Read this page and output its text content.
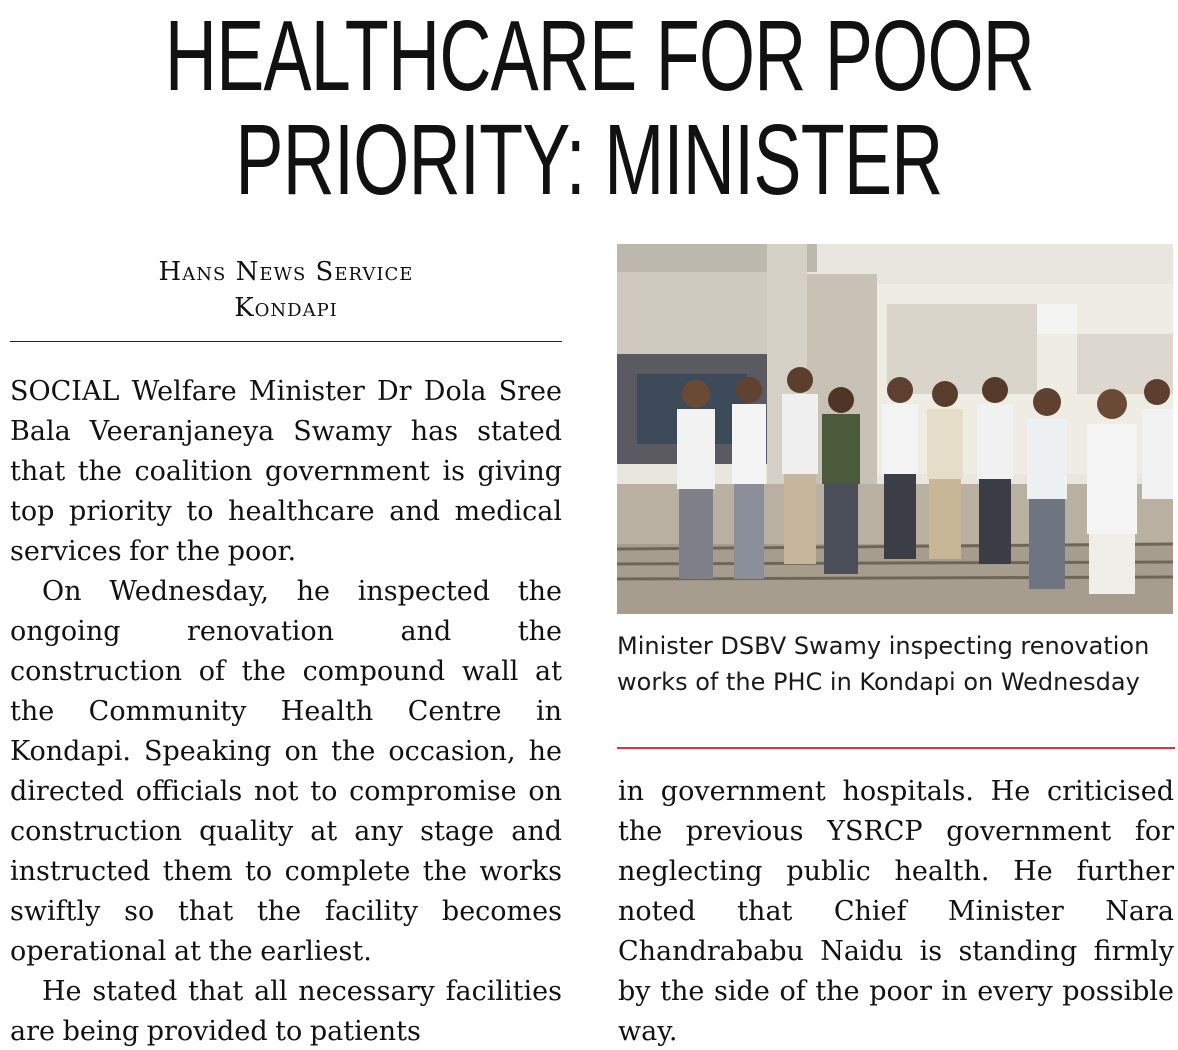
HEALTHCARE FOR POOR
PRIORITY: MINISTER
Hans News Service
Kondapi

SOCIAL Welfare Minister Dr Dola Sree Bala Veeranjaneya Swamy has stated that the coalition government is giving top priority to healthcare and medical services for the poor.

On Wednesday, he inspected the ongoing renovation and the construction of the compound wall at the Community Health Centre in Kondapi. Speaking on the occasion, he directed officials not to compromise on construction quality at any stage and instructed them to complete the works swiftly so that the facility becomes operational at the earliest.

He stated that all necessary facilities are being provided to patients

Minister DSBV Swamy inspecting renovation works of the PHC in Kondapi on Wednesday

in government hospitals. He criticised the previous YSRCP government for neglecting public health. He further noted that Chief Minister Nara Chandrababu Naidu is standing firmly by the side of the poor in every possible way.
